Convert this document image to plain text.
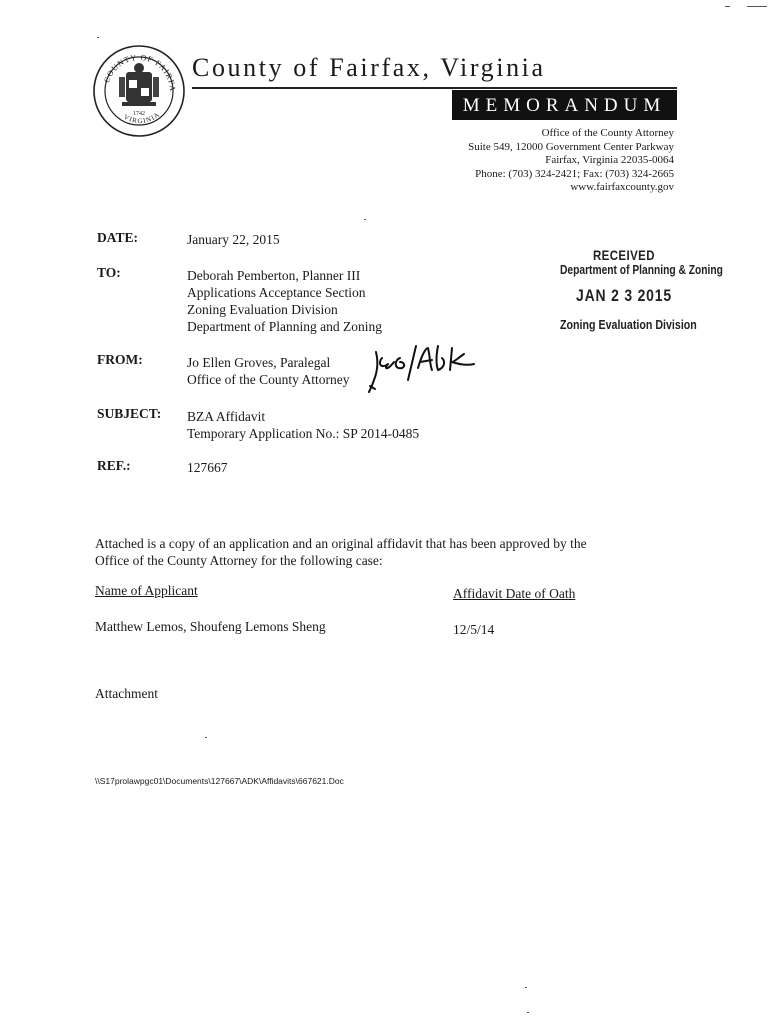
COUNTY OF FAIRFA
VIRGINIA
1742
County of Fairfax, Virginia
MEMORANDUM
Office of the County Attorney
Suite 549, 12000 Government Center Parkway
Fairfax, Virginia 22035-0064
Phone: (703) 324-2421; Fax: (703) 324-2665
www.fairfaxcounty.gov
DATE:	January 22, 2015
TO:	Deborah Pemberton, Planner III
Applications Acceptance Section
Zoning Evaluation Division
Department of Planning and Zoning
FROM:	Jo Ellen Groves, Paralegal
Office of the County Attorney
SUBJECT: BZA Affidavit
Temporary Application No.: SP 2014-0485
REF.:	127667
RECEIVED
Department of Planning & Zoning
JAN 2 3 2015
Zoning Evaluation Division
Attached is a copy of an application and an original affidavit that has been approved by the
Office of the County Attorney for the following case:
Name of Applicant	Affidavit Date of Oath
Matthew Lemos, Shoufeng Lemons Sheng	12/5/14
Attachment
\\S17prolawpgc01\Documents\127667\ADK\Affidavits\667621.Doc
